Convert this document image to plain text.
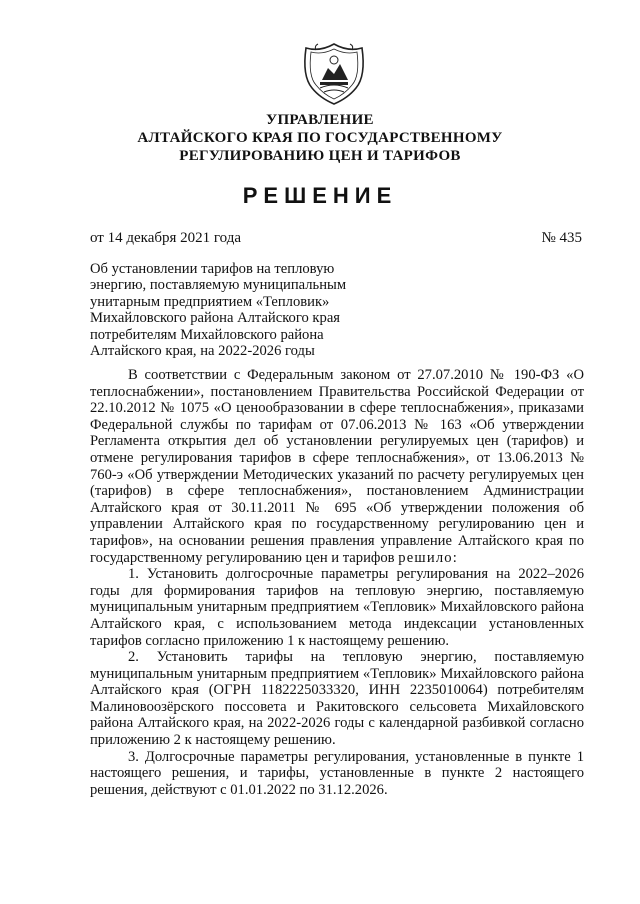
УПРАВЛЕНИЕ
АЛТАЙСКОГО КРАЯ ПО ГОСУДАРСТВЕННОМУ
РЕГУЛИРОВАНИЮ ЦЕН И ТАРИФОВ
РЕШЕНИЕ
от 14 декабря 2021 года	№ 435
Об установлении тарифов на тепловую
энергию, поставляемую муниципальным
унитарным предприятием «Тепловик»
Михайловского района Алтайского края
потребителям Михайловского района
Алтайского края, на 2022-2026 годы

В соответствии с Федеральным законом от 27.07.2010 № 190-ФЗ «О теплоснабжении», постановлением Правительства Российской Федерации от 22.10.2012 № 1075 «О ценообразовании в сфере теплоснабжения», приказами Федеральной службы по тарифам от 07.06.2013 № 163 «Об утверждении Регламента открытия дел об установлении регулируемых цен (тарифов) и отмене регулирования тарифов в сфере теплоснабжения», от 13.06.2013 № 760-э «Об утверждении Методических указаний по расчету регулируемых цен (тарифов) в сфере теплоснабжения», постановлением Администрации Алтайского края от 30.11.2011 № 695 «Об утверждении положения об управлении Алтайского края по государственному регулированию цен и тарифов», на основании решения правления управление Алтайского края по государственному регулированию цен и тарифов решило:

1. Установить долгосрочные параметры регулирования на 2022–2026 годы для формирования тарифов на тепловую энергию, поставляемую муниципальным унитарным предприятием «Тепловик» Михайловского района Алтайского края, с использованием метода индексации установленных тарифов согласно приложению 1 к настоящему решению.

2. Установить тарифы на тепловую энергию, поставляемую муниципальным унитарным предприятием «Тепловик» Михайловского района Алтайского края (ОГРН 1182225033320, ИНН 2235010064) потребителям Малиновоозёрского поссовета и Ракитовского сельсовета Михайловского района Алтайского края, на 2022-2026 годы с календарной разбивкой согласно приложению 2 к настоящему решению.

3. Долгосрочные параметры регулирования, установленные в пункте 1 настоящего решения, и тарифы, установленные в пункте 2 настоящего решения, действуют с 01.01.2022 по 31.12.2026.
